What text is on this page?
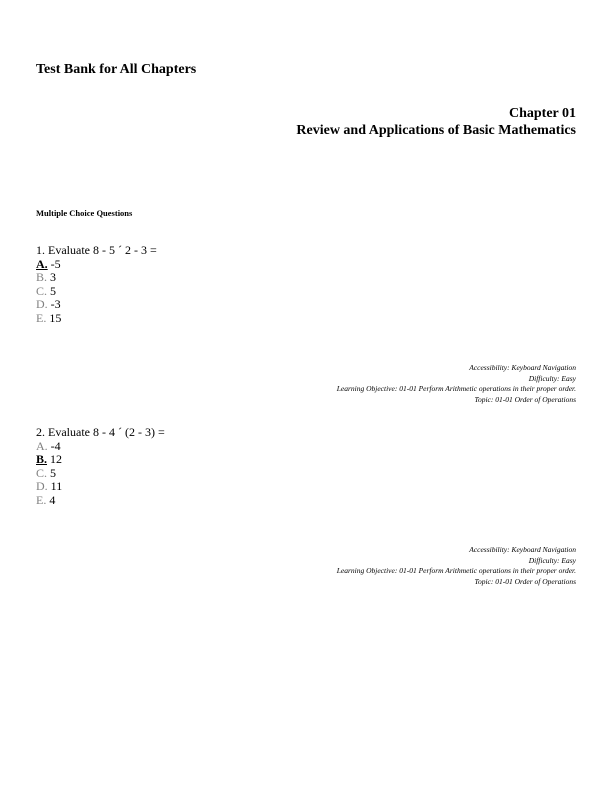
Test Bank for All Chapters
Chapter 01
Review and Applications of Basic Mathematics
Multiple Choice Questions
1. Evaluate 8 - 5 ´ 2 - 3 =
A. -5
B. 3
C. 5
D. -3
E. 15
Accessibility: Keyboard Navigation
Difficulty: Easy
Learning Objective: 01-01 Perform Arithmetic operations in their proper order.
Topic: 01-01 Order of Operations
2. Evaluate 8 - 4 ´ (2 - 3) =
A. -4
B. 12
C. 5
D. 11
E. 4
Accessibility: Keyboard Navigation
Difficulty: Easy
Learning Objective: 01-01 Perform Arithmetic operations in their proper order.
Topic: 01-01 Order of Operations
